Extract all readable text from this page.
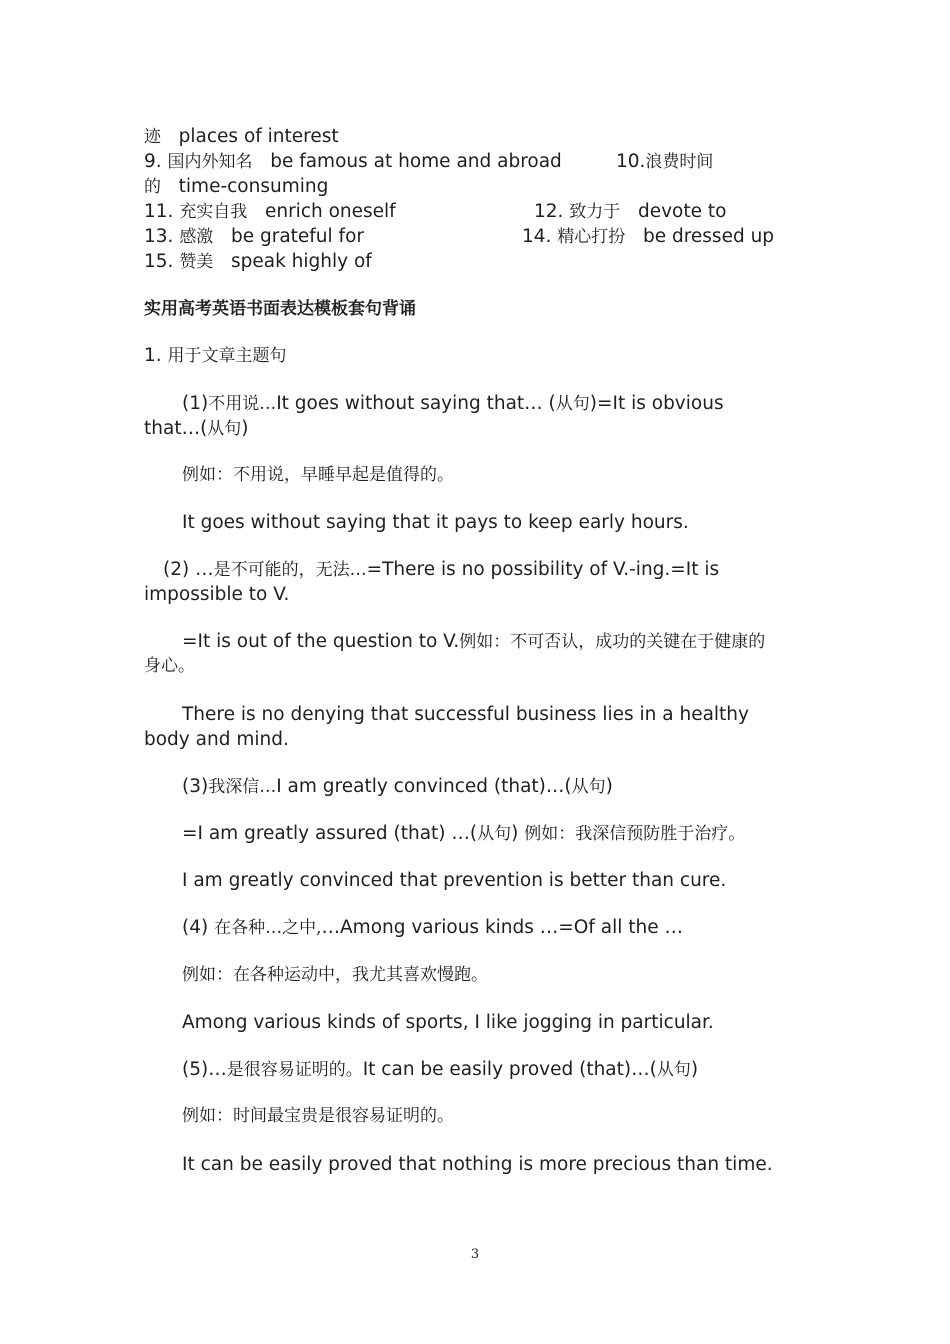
迹 places of interest
9. 国内外知名 be famous at home and abroad	10.浪费时间
的 time-consuming
11. 充实自我 enrich oneself	12. 致力于 devote to
13. 感激 be grateful for	14. 精心打扮 be dressed up
15. 赞美 speak highly of
实用高考英语书面表达模板套句背诵
1. 用于文章主题句
(1)不用说…It goes without saying that… (从句)=It is obvious
that…(从句)
例如：不用说，早睡早起是值得的。
It goes without saying that it pays to keep early hours.
(2) …是不可能的，无法…=There is no possibility of V.-ing.=It is
impossible to V.
=It is out of the question to V.例如：不可否认，成功的关键在于健康的
身心。
There is no denying that successful business lies in a healthy
body and mind.
(3)我深信…I am greatly convinced (that)…(从句)
=I am greatly assured (that) …(从句) 例如：我深信预防胜于治疗。
I am greatly convinced that prevention is better than cure.
(4) 在各种…之中,…Among various kinds …=Of all the …
例如：在各种运动中，我尤其喜欢慢跑。
Among various kinds of sports, I like jogging in particular.
(5)…是很容易证明的。It can be easily proved (that)…(从句)
例如：时间最宝贵是很容易证明的。
It can be easily proved that nothing is more precious than time.
3
